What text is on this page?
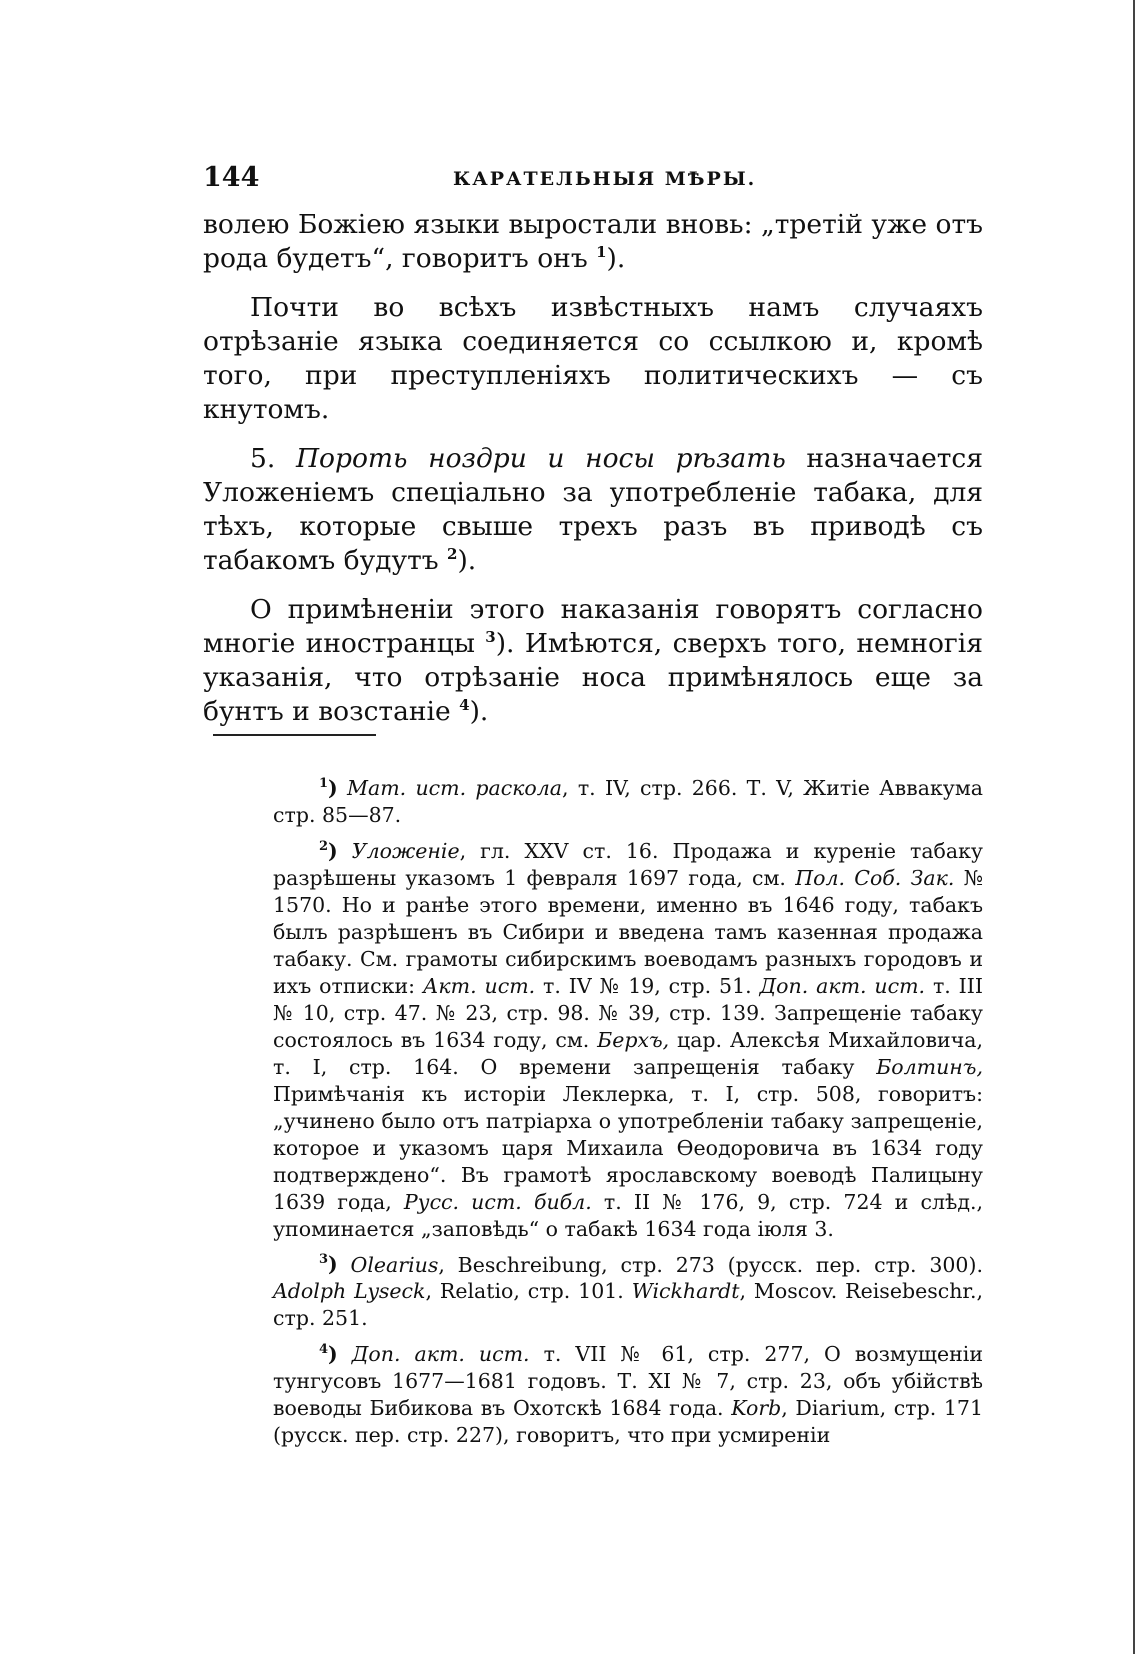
144	КАРАТЕЛЬНЫЯ МѢРЫ.

волею Божіею языки выростали вновь: „третій уже отъ рода будетъ“, говоритъ онъ $^1$).

Почти во всѣхъ извѣстныхъ намъ случаяхъ отрѣзаніе языка соединяется со ссылкою и, кромѣ того, при преступленіяхъ политическихъ — съ кнутомъ.

5. Пороть ноздри и носы рѣзать назначается Уложеніемъ спеціально за употребленіе табака, для тѣхъ, которые свыше трехъ разъ въ приводѣ съ табакомъ будутъ $^2$).

О примѣненіи этого наказанія говорятъ согласно многіе иностранцы $^3$). Имѣются, сверхъ того, немногія указанія, что отрѣзаніе носа примѣнялось еще за бунтъ и возстаніе $^4$).

$^1$) Мат. ист. раскола, т. IV, стр. 266. Т. V, Житіе Аввакума стр. 85—87.

$^2$) Уложеніе, гл. XXV ст. 16. Продажа и куреніе табаку разрѣшены указомъ 1 февраля 1697 года, см. Пол. Соб. Зак. № 1570. Но и ранѣе этого времени, именно въ 1646 году, табакъ былъ разрѣшенъ въ Сибири и введена тамъ казенная продажа табаку. См. грамоты сибирскимъ воеводамъ разныхъ городовъ и ихъ отписки: Акт. ист. т. IV № 19, стр. 51. Доп. акт. ист. т. III № 10, стр. 47. № 23, стр. 98. № 39, стр. 139. Запрещеніе табаку состоялось въ 1634 году, см. Берхъ, цар. Алексѣя Михайловича, т. I, стр. 164. О времени запрещенія табаку Болтинъ, Примѣчанія къ исторіи Леклерка, т. I, стр. 508, говоритъ: „учинено было отъ патріарха о употребленіи табаку запрещеніе, которое и указомъ царя Михаила Ѳеодоровича въ 1634 году подтверждено“. Въ грамотѣ ярославскому воеводѣ Палицыну 1639 года, Русс. ист. библ. т. II № 176, 9, стр. 724 и слѣд., упоминается „заповѣдь“ о табакѣ 1634 года іюля 3.

$^3$) Olearius, Beschreibung, стр. 273 (русск. пер. стр. 300). Adolph Lyseck, Relatio, стр. 101. Wickhardt, Moscov. Reisebeschr., стр. 251.

$^4$) Доп. акт. ист. т. VII № 61, стр. 277, О возмущеніи тунгусовъ 1677—1681 годовъ. Т. XI № 7, стр. 23, объ убійствѣ воеводы Бибикова въ Охотскѣ 1684 года. Korb, Diarium, стр. 171 (русск. пер. стр. 227), говоритъ, что при усмиреніи
